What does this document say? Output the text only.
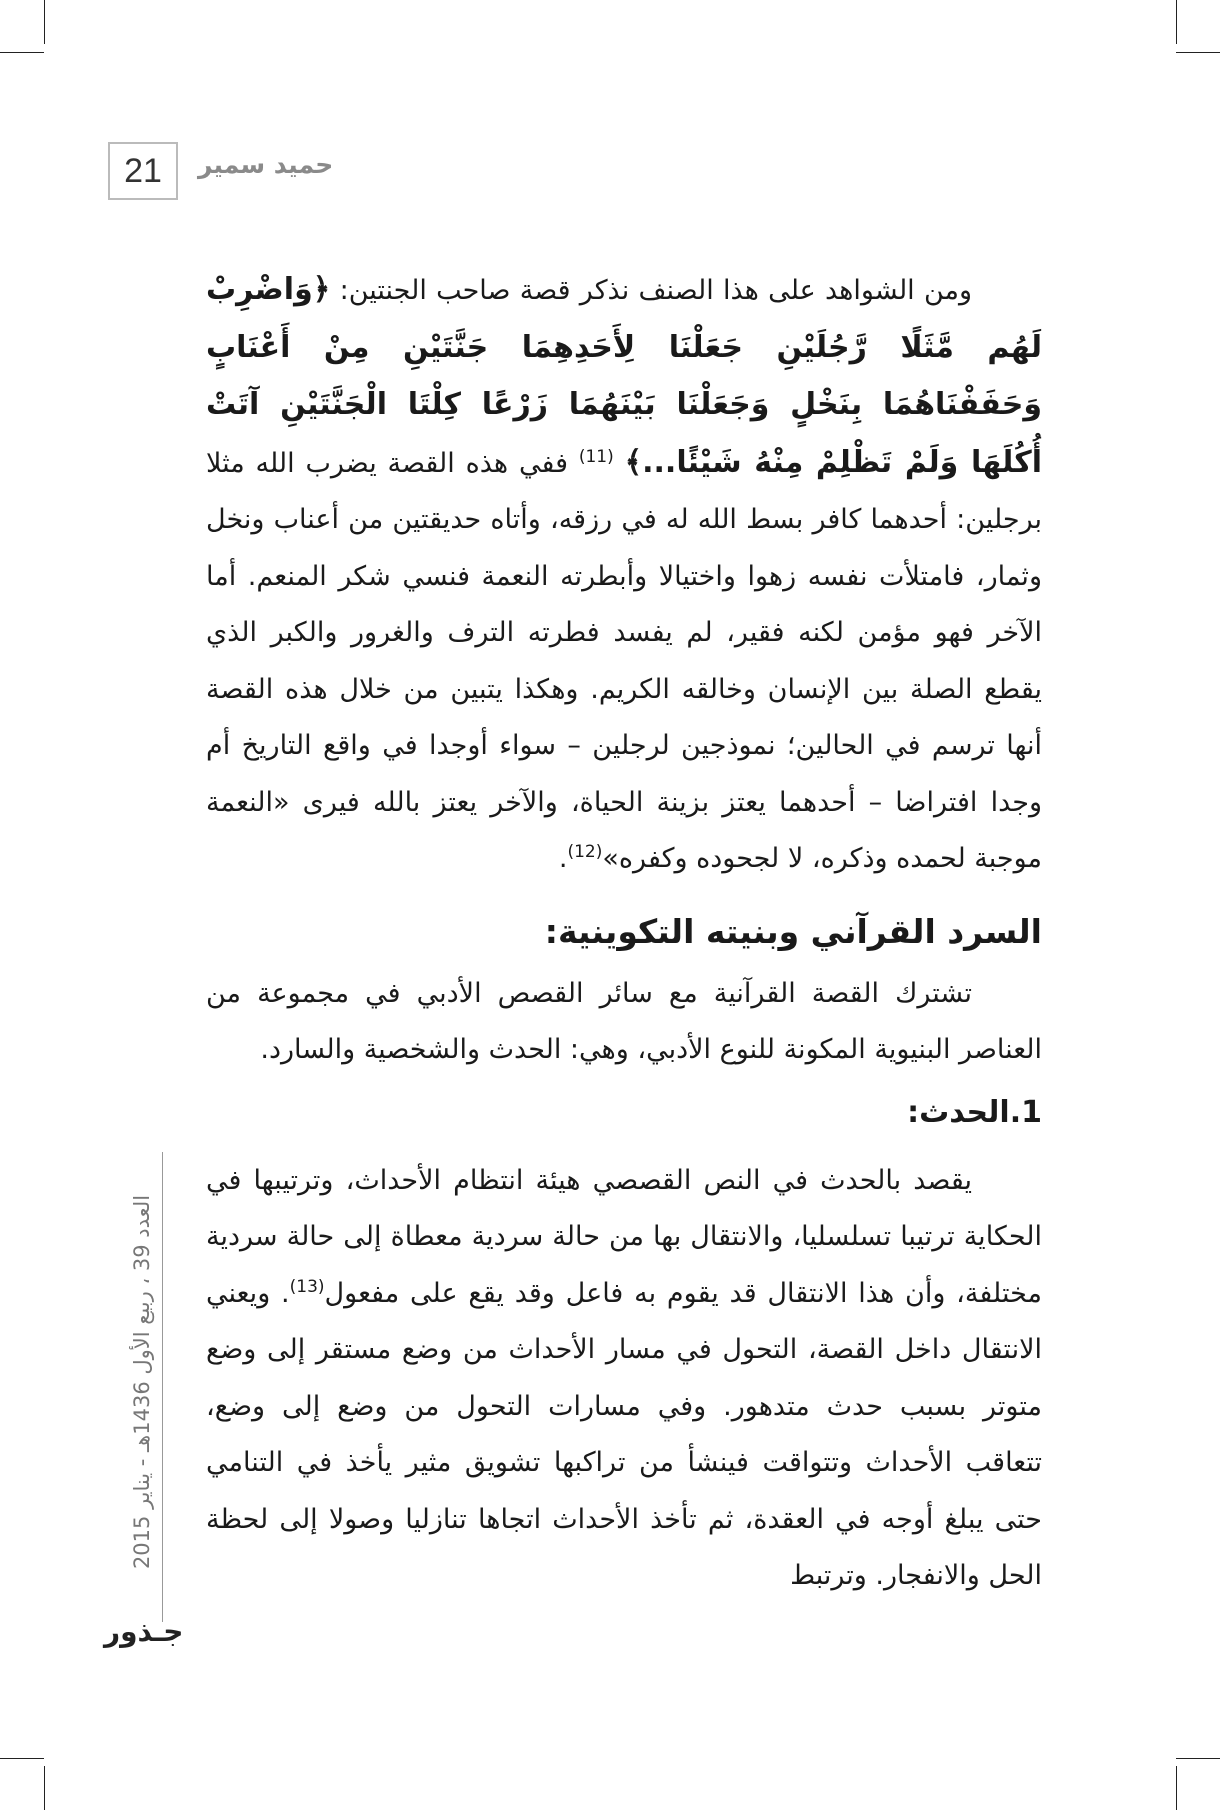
21	حميد سمير

ومن الشواهد على هذا الصنف نذكر قصة صاحب الجنتين: ﴿وَاضْرِبْ لَهُم مَّثَلًا رَّجُلَيْنِ جَعَلْنَا لِأَحَدِهِمَا جَنَّتَيْنِ مِنْ أَعْنَابٍ وَحَفَفْنَاهُمَا بِنَخْلٍ وَجَعَلْنَا بَيْنَهُمَا زَرْعًا كِلْتَا الْجَنَّتَيْنِ آتَتْ أُكُلَهَا وَلَمْ تَظْلِمْ مِنْهُ شَيْئًا...﴾ $^{(11)}$ ففي هذه القصة يضرب الله مثلا برجلين: أحدهما كافر بسط الله له في رزقه، وأتاه حديقتين من أعناب ونخل وثمار، فامتلأت نفسه زهوا واختيالا وأبطرته النعمة فنسي شكر المنعم. أما الآخر فهو مؤمن لكنه فقير، لم يفسد فطرته الترف والغرور والكبر الذي يقطع الصلة بين الإنسان وخالقه الكريم. وهكذا يتبين من خلال هذه القصة أنها ترسم في الحالين؛ نموذجين لرجلين – سواء أوجدا في واقع التاريخ أم وجدا افتراضا – أحدهما يعتز بزينة الحياة، والآخر يعتز بالله فيرى «النعمة موجبة لحمده وذكره، لا لجحوده وكفره»$^{(12)}$.

السرد القرآني وبنيته التكوينية:

تشترك القصة القرآنية مع سائر القصص الأدبي في مجموعة من العناصر البنيوية المكونة للنوع الأدبي، وهي: الحدث والشخصية والسارد.

1.الحدث:

يقصد بالحدث في النص القصصي هيئة انتظام الأحداث، وترتيبها في الحكاية ترتيبا تسلسليا، والانتقال بها من حالة سردية معطاة إلى حالة سردية مختلفة، وأن هذا الانتقال قد يقوم به فاعل وقد يقع على مفعول$^{(13)}$. ويعني الانتقال داخل القصة، التحول في مسار الأحداث من وضع مستقر إلى وضع متوتر بسبب حدث متدهور. وفي مسارات التحول من وضع إلى وضع، تتعاقب الأحداث وتتواقت فينشأ من تراكبها تشويق مثير يأخذ في التنامي حتى يبلغ أوجه في العقدة، ثم تأخذ الأحداث اتجاها تنازليا وصولا إلى لحظة الحل والانفجار. وترتبط

العدد 39 ، ربيع الأول 1436هـ - يناير 2015
جـذور
